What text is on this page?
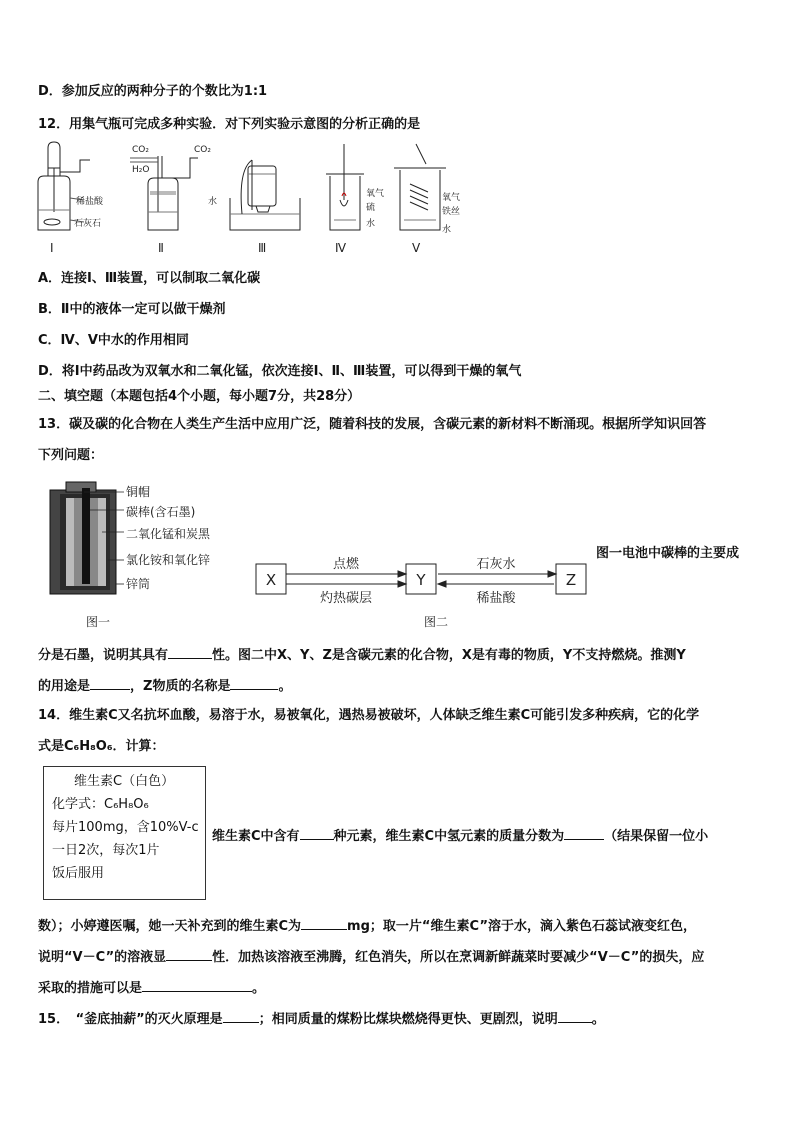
D．参加反应的两种分子的个数比为1:1
12．用集气瓶可完成多种实验．对下列实验示意图的分析正确的是
CO₂
H₂O
CO₂
稀盐酸
石灰石
水
氧气
硫
水
氧气
铁丝
水
I	Ⅱ	Ⅲ	Ⅳ	Ⅴ
A．连接Ⅰ、Ⅲ装置，可以制取二氧化碳
B．Ⅱ中的液体一定可以做干燥剂
C．Ⅳ、Ⅴ中水的作用相同
D．将Ⅰ中药品改为双氧水和二氧化锰，依次连接Ⅰ、Ⅱ、Ⅲ装置，可以得到干燥的氧气
二、填空题（本题包括4个小题，每小题7分，共28分）
13．碳及碳的化合物在人类生产生活中应用广泛，随着科技的发展，含碳元素的新材料不断涌现。根据所学知识回答
下列问题：
铜帽
碳棒(含石墨)
二氧化锰和炭黑
氯化铵和氧化锌
锌筒
图一
X	Y	Z
点燃
灼热碳层
石灰水
稀盐酸
图二
图一电池中碳棒的主要成
分是石墨，说明其具有	性。图二中X、Y、Z是含碳元素的化合物，X是有毒的物质，Y不支持燃烧。推测Y
的用途是	，Z物质的名称是	。
14．维生素C又名抗坏血酸，易溶于水，易被氧化，遇热易被破坏，人体缺乏维生素C可能引发多种疾病，它的化学
式是C₆H₈O₆．计算：
维生素C（白色）
化学式：C₆H₈O₆
每片100mg，含10%V-c
一日2次，每次1片
饭后服用
维生素C中含有	种元素，维生素C中氢元素的质量分数为	（结果保留一位小
数）；小婷遵医嘱，她一天补充到的维生素C为	mg；取一片“维生素C”溶于水，滴入紫色石蕊试液变红色，
说明“V－C”的溶液显	性．加热该溶液至沸腾，红色消失，所以在烹调新鲜蔬菜时要减少“V－C”的损失，应
采取的措施可以是	。
15．　“釜底抽薪”的灭火原理是	；相同质量的煤粉比煤块燃烧得更快、更剧烈，说明	。
